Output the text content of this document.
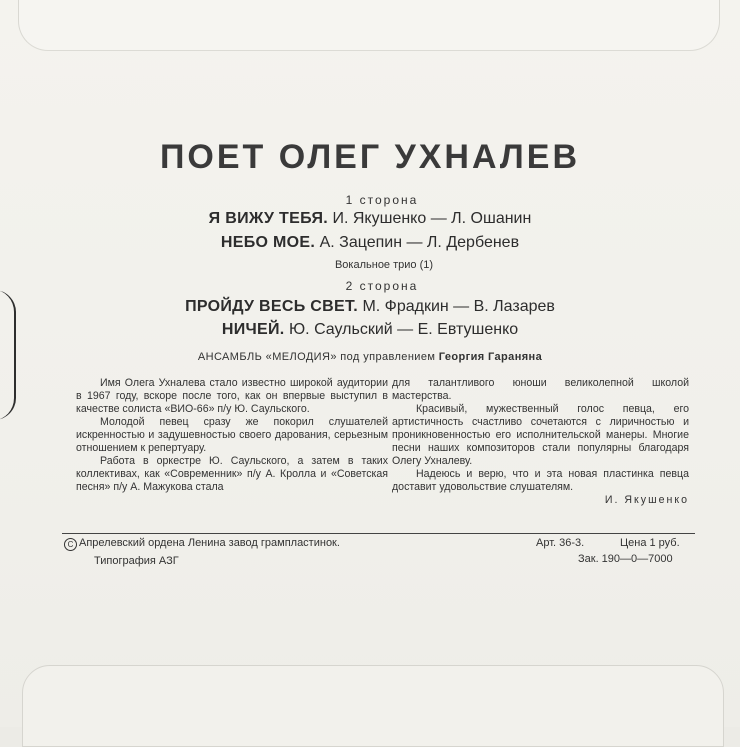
ПОЕТ ОЛЕГ УХНАЛЕВ
1 сторона
Я ВИЖУ ТЕБЯ. И. Якушенко — Л. Ошанин
НЕБО МОЕ. А. Зацепин — Л. Дербенев
Вокальное трио (1)
2 сторона
ПРОЙДУ ВЕСЬ СВЕТ. М. Фрадкин — В. Лазарев
НИЧЕЙ. Ю. Саульский — Е. Евтушенко
АНСАМБЛЬ «МЕЛОДИЯ» под управлением Георгия Гараняна

Имя Олега Ухналева стало известно широкой аудитории в 1967 году, вскоре после того, как он впервые выступил в качестве солиста «ВИО-66» п/у Ю. Саульского.

Молодой певец сразу же покорил слушателей искренностью и задушевностью своего дарования, серьезным отношением к репертуару.

Работа в оркестре Ю. Саульского, а затем в таких коллективах, как «Современник» п/у А. Кролла и «Советская песня» п/у А. Мажукова стала

для талантливого юноши великолепной школой мастерства.

Красивый, мужественный голос певца, его артистичность счастливо сочетаются с лиричностью и проникновенностью его исполнительской манеры. Многие песни наших композиторов стали популярны благодаря Олегу Ухналеву.

Надеюсь и верю, что и эта новая пластинка певца доставит удовольствие слушателям.

И. Якушенко
C Апрелевский ордена Ленина завод грампластинок.	Арт. 36-3.	Цена 1 руб.
Типография АЗГ	Зак. 190—0—7000
